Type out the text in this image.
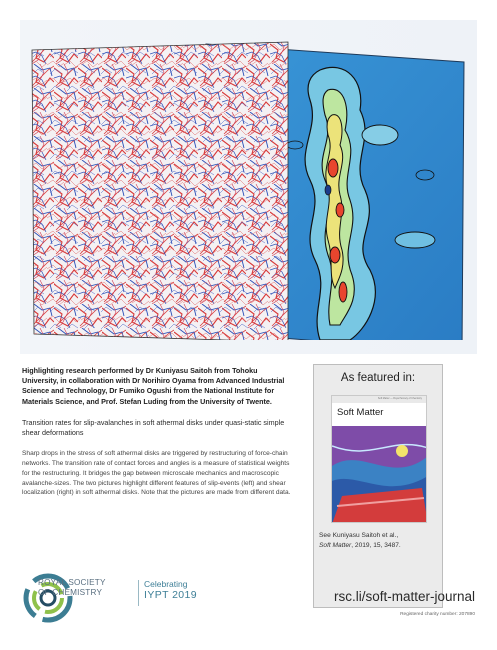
Highlighting research performed by Dr Kuniyasu Saitoh from Tohoku University, in collaboration with Dr Norihiro Oyama from Advanced Industrial Science and Technology, Dr Fumiko Ogushi from the National Institute for Materials Science, and Prof. Stefan Luding from the University of Twente.

Transition rates for slip-avalanches in soft athermal disks under quasi-static simple shear deformations

Sharp drops in the stress of soft athermal disks are triggered by restructuring of force-chain networks. The transition rate of contact forces and angles is a measure of statistical weights for the restructuring. It bridges the gap between microscale mechanics and macroscopic avalanche-sizes. The two pictures highlight different features of slip-events (left) and shear localization (right) in soft athermal disks. Note that the pictures are made from different data.

As featured in:
Soft Matter — Royal Society of Chemistry
Soft Matter
See Kuniyasu Saitoh et al.,
Soft Matter, 2019, 15, 3487.
ROYAL SOCIETY
OF CHEMISTRY
Celebrating
IYPT 2019	rsc.li/soft-matter-journal
Registered charity number: 207890
